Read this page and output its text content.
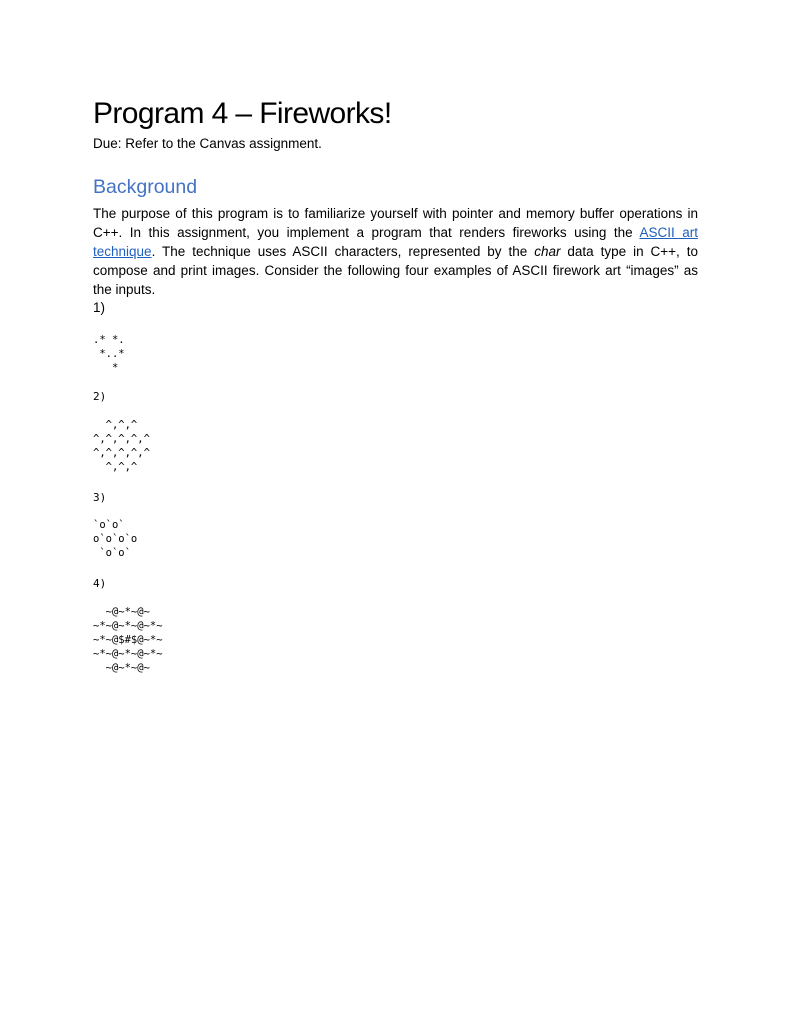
Program 4 – Fireworks!
Due: Refer to the Canvas assignment.
Background

The purpose of this program is to familiarize yourself with pointer and memory buffer operations in C++. In this assignment, you implement a program that renders fireworks using the ASCII art technique. The technique uses ASCII characters, represented by the char data type in C++, to compose and print images. Consider the following four examples of ASCII firework art “images” as the inputs.

1)
.* *.
*..*
*
2)
^,^,^
^,^,^,^,^
^,^,^,^,^
^,^,^
3)
`o`o`
o`o`o`o
`o`o`
4)
~@~*~@~
~*~@~*~@~*~
~*~@$#$@~*~
~*~@~*~@~*~
~@~*~@~
